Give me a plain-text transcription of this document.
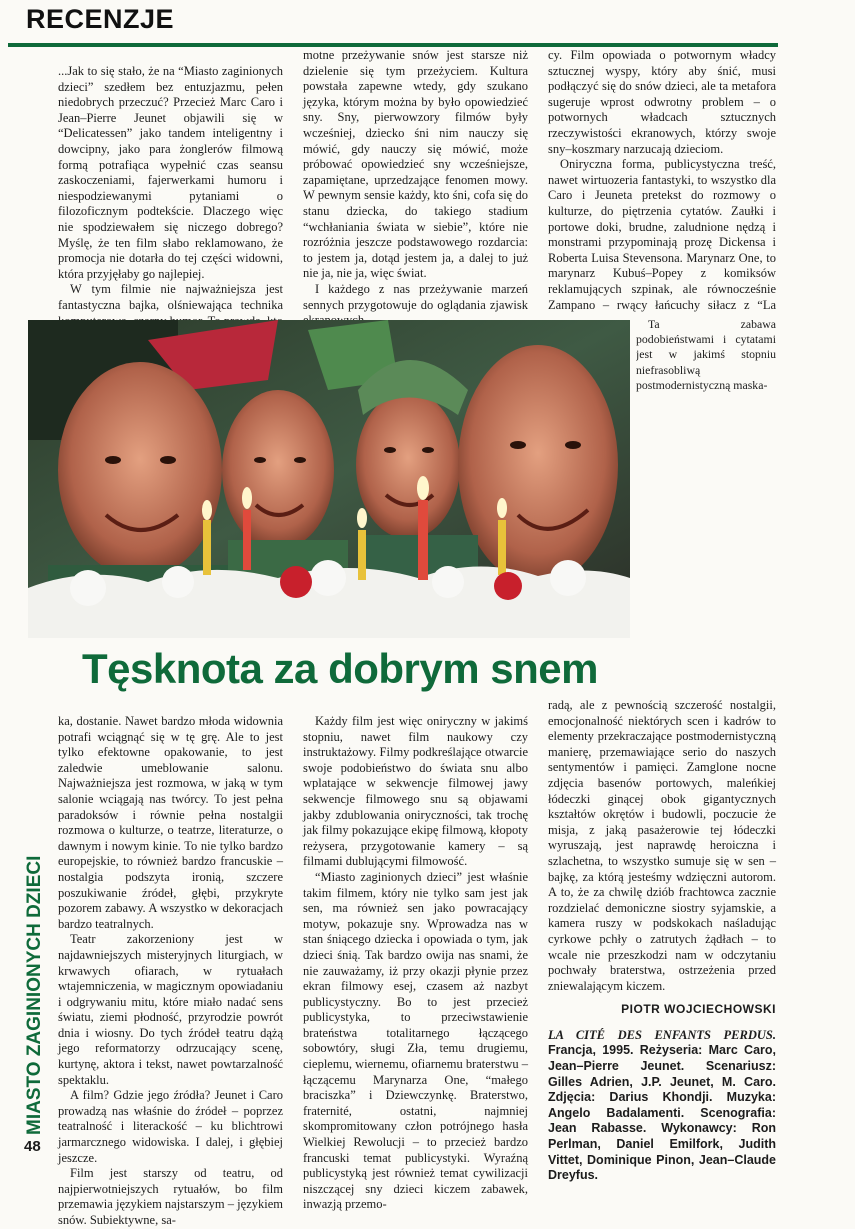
RECENZJE

...Jak to się stało, że na “Miasto zaginionych dzieci” szedłem bez entuzjazmu, pełen niedobrych przeczuć? Przecież Marc Caro i Jean–Pierre Jeunet objawili się w “Delicatessen” jako tandem inteligentny i dowcipny, jako para żonglerów filmową formą potrafiąca wypełnić czas seansu zaskoczeniami, fajerwerkami humoru i niespodziewanymi pytaniami o filozoficznym podtekście. Dlaczego więc nie spodziewałem się niczego dobrego? Myślę, że ten film słabo reklamowano, że promocja nie dotarła do tej części widowni, która przyjęłaby go najlepiej.

W tym filmie nie najważniejsza jest fantastyczna bajka, olśniewająca technika

motne przeżywanie snów jest starsze niż dzielenie się tym przeżyciem. Kultura powstała zapewne wtedy, gdy szukano języka, którym można by było opowiedzieć sny. Sny, pierwowzory filmów były wcześniej, dziecko śni nim nauczy się mówić, gdy nauczy się mówić, może próbować opowiedzieć sny wcześniejsze, zapamiętane, uprzedzające fenomen mowy. W pewnym sensie każdy, kto śni, cofa się do stanu dziecka, do takiego stadium “wchłaniania świata w siebie”, które nie rozróżnia jeszcze podstawowego rozdarcia: to jestem ja, dotąd jestem ja, a dalej to już nie ja, nie ja, więc świat.

I każdego z nas przeżywanie marzeń sennych przygotowuje do oglądania zjawisk

cy. Film opowiada o potwornym władcy sztucznej wyspy, który aby śnić, musi podłączyć się do snów dzieci, ale ta metafora sugeruje wprost odwrotny problem – o potwornych władcach sztucznych rzeczywistości ekranowych, którzy swoje sny–koszmary narzucają dzieciom.

Oniryczna forma, publicystyczna treść, nawet wirtuozeria fantastyki, to wszystko dla Caro i Jeuneta pretekst do rozmowy o kulturze, do piętrzenia cytatów. Zaułki i portowe doki, brudne, zaludnione nędzą i monstrami przypominają prozę Dickensa i Roberta Luisa Stevensona. Marynarz One, to marynarz Kubuś–Popey z komiksów reklamujących szpinak, ale równocześnie Zampano – rwący łańcuchy siłacz z “La

Ta zabawa podobieństwami i cytatami jest w jakimś stopniu niefrasobliwą postmodernistyczną maska-

Tęsknota za dobrym snem
MIASTO ZAGINIONYCH DZIECI

ka, dostanie. Nawet bardzo młoda widownia potrafi wciągnąć się w tę grę. Ale to jest tylko efektowne opakowanie, to jest zaledwie umeblowanie salonu. Najważniejsza jest rozmowa, w jaką w tym salonie wciągają nas twórcy. To jest pełna paradoksów i równie pełna nostalgii rozmowa o kulturze, o teatrze, literaturze, o dawnym i nowym kinie. To nie tylko bardzo europejskie, to również bardzo francuskie – nostalgia podszyta ironią, szczere poszukiwanie źródeł, głębi, przykryte pozorem zabawy. A wszystko w dekoracjach bardzo teatralnych.

Teatr zakorzeniony jest w najdawniejszych misteryjnych liturgiach, w krwawych ofiarach, w rytuałach wtajemniczenia, w magicznym opowiadaniu i odgrywaniu mitu, które miało nadać sens światu, ziemi płodność, przyrodzie powrót dnia i wiosny. Do tych źródeł teatru dążą jego reformatorzy odrzucający scenę, kurtynę, aktora i tekst, nawet powtarzalność spektaklu.

A film? Gdzie jego źródła? Jeunet i Caro prowadzą nas właśnie do źródeł – poprzez teatralność i literackość – ku blichtrowi jarmarcznego widowiska. I dalej, i głębiej jeszcze.

Film jest starszy od teatru, od najpierwotniejszych rytuałów, bo film przemawia językiem najstarszym – językiem snów. Subiektywne, sa-

Każdy film jest więc oniryczny w jakimś stopniu, nawet film naukowy czy instruktażowy. Filmy podkreślające otwarcie swoje podobieństwo do świata snu albo wplatające w sekwencje filmowej jawy sekwencje filmowego snu są objawami jakby zdublowania oniryczności, tak trochę jak filmy pokazujące ekipę filmową, kłopoty reżysera, przygotowanie kamery – są filmami dublującymi filmowość.

“Miasto zaginionych dzieci” jest właśnie takim filmem, który nie tylko sam jest jak sen, ma również sen jako powracający motyw, pokazuje sny. Wprowadza nas w stan śniącego dziecka i opowiada o tym, jak dzieci śnią. Tak bardzo owija nas snami, że nie zauważamy, iż przy okazji płynie przez ekran filmowy esej, czasem aż nazbyt publicystyczny. Bo to jest przecież publicystyka, to przeciwstawienie brateństwa totalitarnego łączącego sobowtóry, sługi Zła, temu drugiemu, cieplemu, wiernemu, ofiarnemu braterstwu – łączącemu Marynarza One, “małego braciszka” i Dziewczynkę. Braterstwo, fraternité, ostatni, najmniej skompromitowany człon potrójnego hasła Wielkiej Rewolucji – to przecież bardzo francuski temat publicystyki. Wyraźną publicystyką jest również temat cywilizacji niszczącej sny dzieci kiczem zabawek, inwazją przemo-

radą, ale z pewnością szczerość nostalgii, emocjonalność niektórych scen i kadrów to elementy przekraczające postmodernistyczną manierę, przemawiające serio do naszych sentymentów i pamięci. Zamglone nocne zdjęcia basenów portowych, maleńkiej łódeczki ginącej obok gigantycznych kształtów okrętów i budowli, poczucie że misja, z jaką pasażerowie tej łódeczki wyruszają, jest naprawdę heroiczna i szlachetna, to wszystko sumuje się w sen – bajkę, za którą jesteśmy wdzięczni autorom. A to, że za chwilę dziób frachtowca zacznie rozdzielać demoniczne siostry syjamskie, a kamera ruszy w podskokach naśladując cyrkowe pchły o zatrutych żądłach – to wcale nie przeszkodzi nam w odczytaniu pochwały braterstwa, ostrzeżenia przed zniewalającym kiczem.

PIOTR WOJCIECHOWSKI
LA CITÉ DES ENFANTS PERDUS. Francja, 1995. Reżyseria: Marc Caro, Jean–Pierre Jeunet. Scenariusz: Gilles Adrien, J.P. Jeunet, M. Caro. Zdjęcia: Darius Khondji. Muzyka: Angelo Badalamenti. Scenografia: Jean Rabasse. Wykonawcy: Ron Perlman, Daniel Emilfork, Judith Vittet, Dominique Pinon, Jean–Claude Dreyfus.
48
